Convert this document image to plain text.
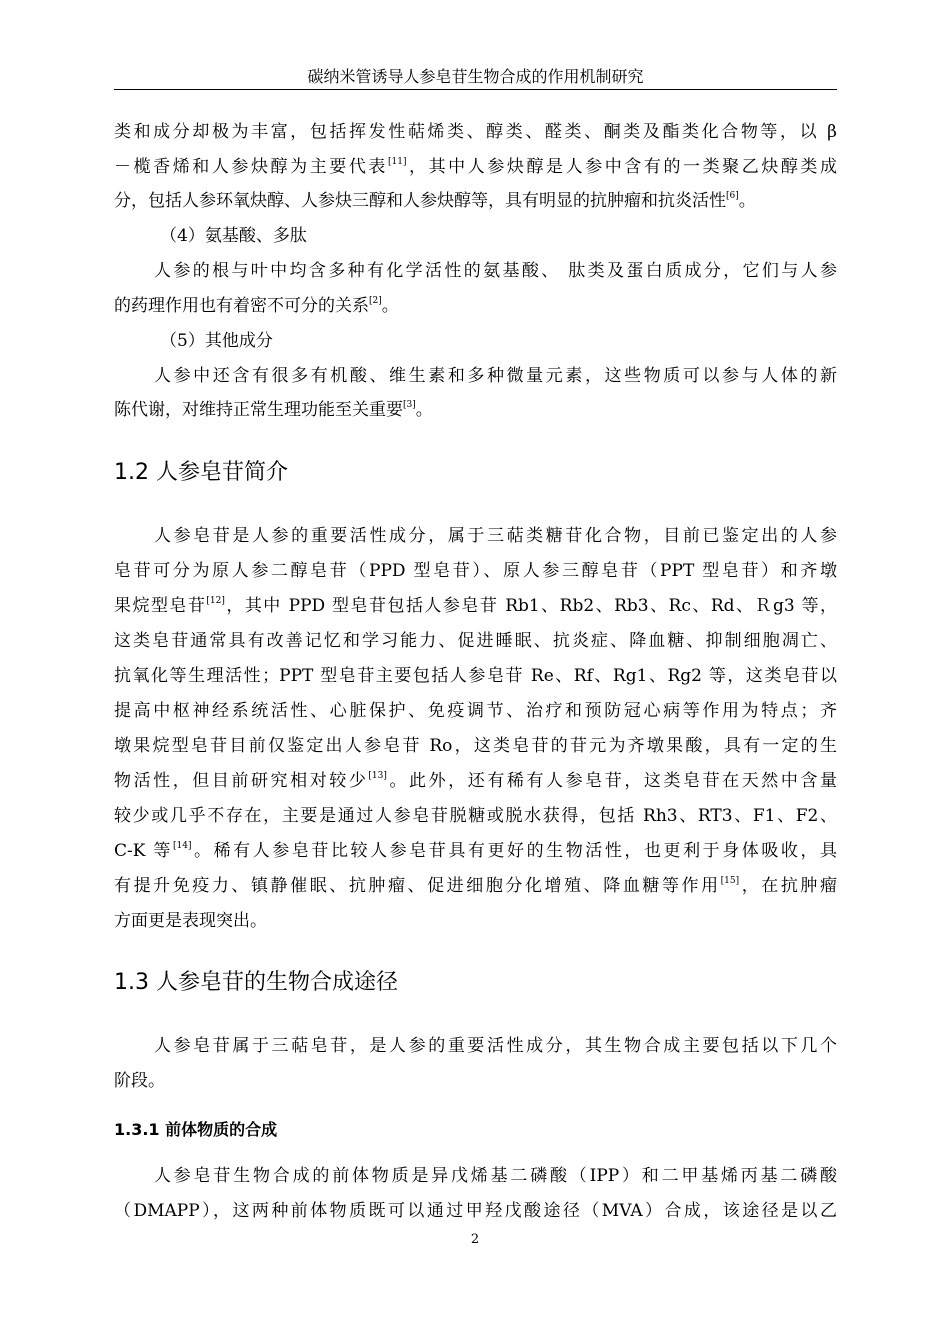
碳纳米管诱导人参皂苷生物合成的作用机制研究
类和成分却极为丰富，包括挥发性萜烯类、醇类、醛类、酮类及酯类化合物等，以 β
－榄香烯和人参炔醇为主要代表[11]，其中人参炔醇是人参中含有的一类聚乙炔醇类成
分，包括人参环氧炔醇、人参炔三醇和人参炔醇等，具有明显的抗肿瘤和抗炎活性[6]。
（4）氨基酸、多肽
人参的根与叶中均含多种有化学活性的氨基酸、 肽类及蛋白质成分，它们与人参
的药理作用也有着密不可分的关系[2]。
（5）其他成分
人参中还含有很多有机酸、维生素和多种微量元素，这些物质可以参与人体的新
陈代谢，对维持正常生理功能至关重要[3]。
1.2 人参皂苷简介
人参皂苷是人参的重要活性成分，属于三萜类糖苷化合物，目前已鉴定出的人参
皂苷可分为原人参二醇皂苷（PPD 型皂苷）、原人参三醇皂苷（PPT 型皂苷）和齐墩
果烷型皂苷[12]，其中 PPD 型皂苷包括人参皂苷 Rb1、Rb2、Rb3、Rc、Rd、Ｒg3 等，
这类皂苷通常具有改善记忆和学习能力、促进睡眠、抗炎症、降血糖、抑制细胞凋亡、
抗氧化等生理活性；PPT 型皂苷主要包括人参皂苷 Re、Rf、Rg1、Rg2 等，这类皂苷以
提高中枢神经系统活性、心脏保护、免疫调节、治疗和预防冠心病等作用为特点；齐
墩果烷型皂苷目前仅鉴定出人参皂苷 Ro，这类皂苷的苷元为齐墩果酸，具有一定的生
物活性，但目前研究相对较少[13]。此外，还有稀有人参皂苷，这类皂苷在天然中含量
较少或几乎不存在，主要是通过人参皂苷脱糖或脱水获得，包括 Rh3、RT3、F1、F2、
C-K 等[14]。稀有人参皂苷比较人参皂苷具有更好的生物活性，也更利于身体吸收，具
有提升免疫力、镇静催眠、抗肿瘤、促进细胞分化增殖、降血糖等作用[15]，在抗肿瘤
方面更是表现突出。
1.3 人参皂苷的生物合成途径
人参皂苷属于三萜皂苷，是人参的重要活性成分，其生物合成主要包括以下几个
阶段。
1.3.1 前体物质的合成
人参皂苷生物合成的前体物质是异戊烯基二磷酸（IPP）和二甲基烯丙基二磷酸
（DMAPP），这两种前体物质既可以通过甲羟戊酸途径（MVA）合成，该途径是以乙
2
